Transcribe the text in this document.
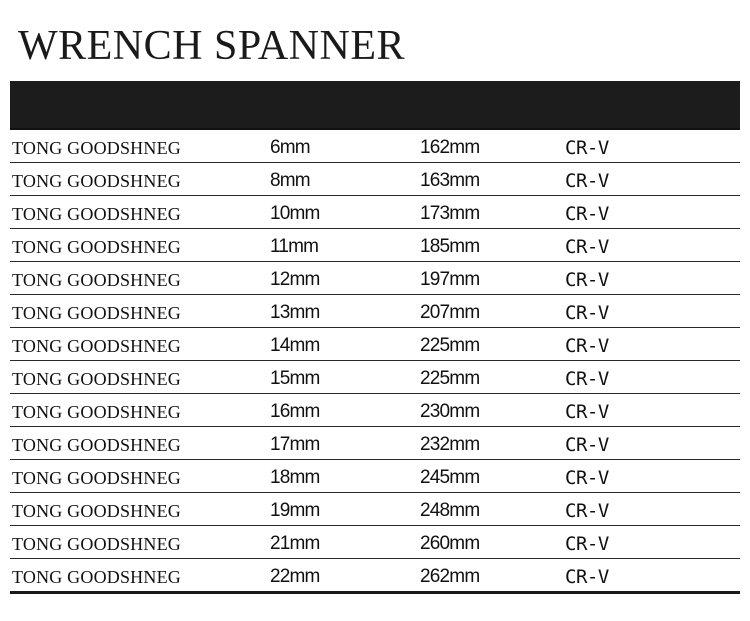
WRENCH SPANNER
TONG GOODSHNEG	6mm	162mm	CR-V
TONG GOODSHNEG	8mm	163mm	CR-V
TONG GOODSHNEG	10mm	173mm	CR-V
TONG GOODSHNEG	11mm	185mm	CR-V
TONG GOODSHNEG	12mm	197mm	CR-V
TONG GOODSHNEG	13mm	207mm	CR-V
TONG GOODSHNEG	14mm	225mm	CR-V
TONG GOODSHNEG	15mm	225mm	CR-V
TONG GOODSHNEG	16mm	230mm	CR-V
TONG GOODSHNEG	17mm	232mm	CR-V
TONG GOODSHNEG	18mm	245mm	CR-V
TONG GOODSHNEG	19mm	248mm	CR-V
TONG GOODSHNEG	21mm	260mm	CR-V
TONG GOODSHNEG	22mm	262mm	CR-V
